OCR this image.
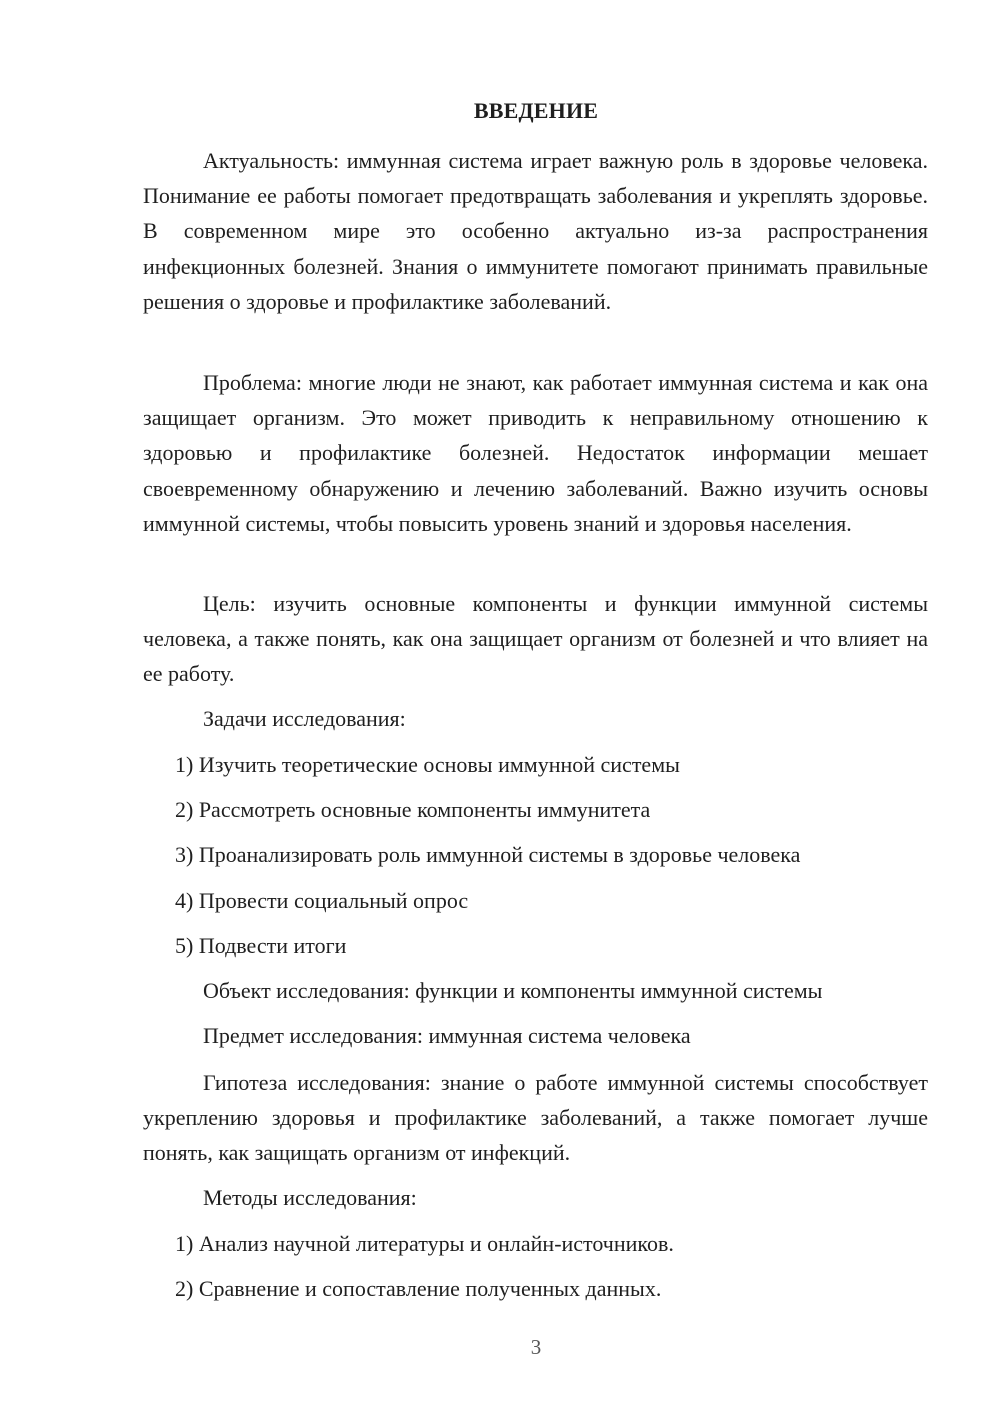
ВВЕДЕНИЕ

Актуальность: иммунная система играет важную роль в здоровье человека. Понимание ее работы помогает предотвращать заболевания и укреплять здоровье. В современном мире это особенно актуально из-за распространения инфекционных болезней. Знания о иммунитете помогают принимать правильные решения о здоровье и профилактике заболеваний.

Проблема: многие люди не знают, как работает иммунная система и как она защищает организм. Это может приводить к неправильному отношению к здоровью и профилактике болезней. Недостаток информации мешает своевременному обнаружению и лечению заболеваний. Важно изучить основы иммунной системы, чтобы повысить уровень знаний и здоровья населения.

Цель: изучить основные компоненты и функции иммунной системы человека, а также понять, как она защищает организм от болезней и что влияет на ее работу.

Задачи исследования:

1) Изучить теоретические основы иммунной системы

2) Рассмотреть основные компоненты иммунитета

3) Проанализировать роль иммунной системы в здоровье человека

4) Провести социальный опрос

5) Подвести итоги

Объект исследования: функции и компоненты иммунной системы

Предмет исследования: иммунная система человека

Гипотеза исследования: знание о работе иммунной системы способствует укреплению здоровья и профилактике заболеваний, а также помогает лучше понять, как защищать организм от инфекций.

Методы исследования:

1) Анализ научной литературы и онлайн-источников.

2) Сравнение и сопоставление полученных данных.

3
